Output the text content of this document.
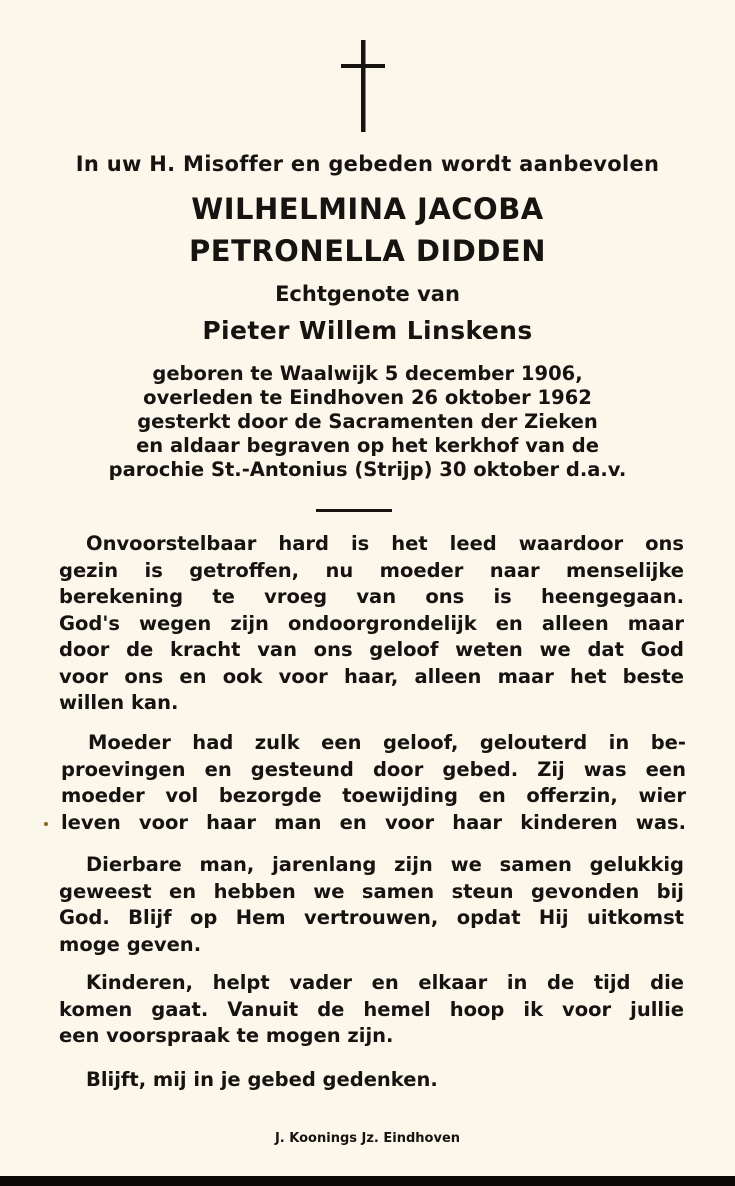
In uw H. Misoffer en gebeden wordt aanbevolen
WILHELMINA JACOBA
PETRONELLA DIDDEN
Echtgenote van
Pieter Willem Linskens
geboren te Waalwijk 5 december 1906,
overleden te Eindhoven 26 oktober 1962
gesterkt door de Sacramenten der Zieken
en aldaar begraven op het kerkhof van de
parochie St.-Antonius (Strijp) 30 oktober d.a.v.
Onvoorstelbaar hard is het leed waardoor ons
gezin is getroffen, nu moeder naar menselijke
berekening te vroeg van ons is heengegaan.
God's wegen zijn ondoorgrondelijk en alleen maar
door de kracht van ons geloof weten we dat God
voor ons en ook voor haar, alleen maar het beste
willen kan.
Moeder had zulk een geloof, gelouterd in be-
proevingen en gesteund door gebed. Zij was een
moeder vol bezorgde toewijding en offerzin, wier
leven voor haar man en voor haar kinderen was.
Dierbare man, jarenlang zijn we samen gelukkig
geweest en hebben we samen steun gevonden bij
God. Blijf op Hem vertrouwen, opdat Hij uitkomst
moge geven.
Kinderen, helpt vader en elkaar in de tijd die
komen gaat. Vanuit de hemel hoop ik voor jullie
een voorspraak te mogen zijn.
Blijft, mij in je gebed gedenken.
J. Koonings Jz. Eindhoven
